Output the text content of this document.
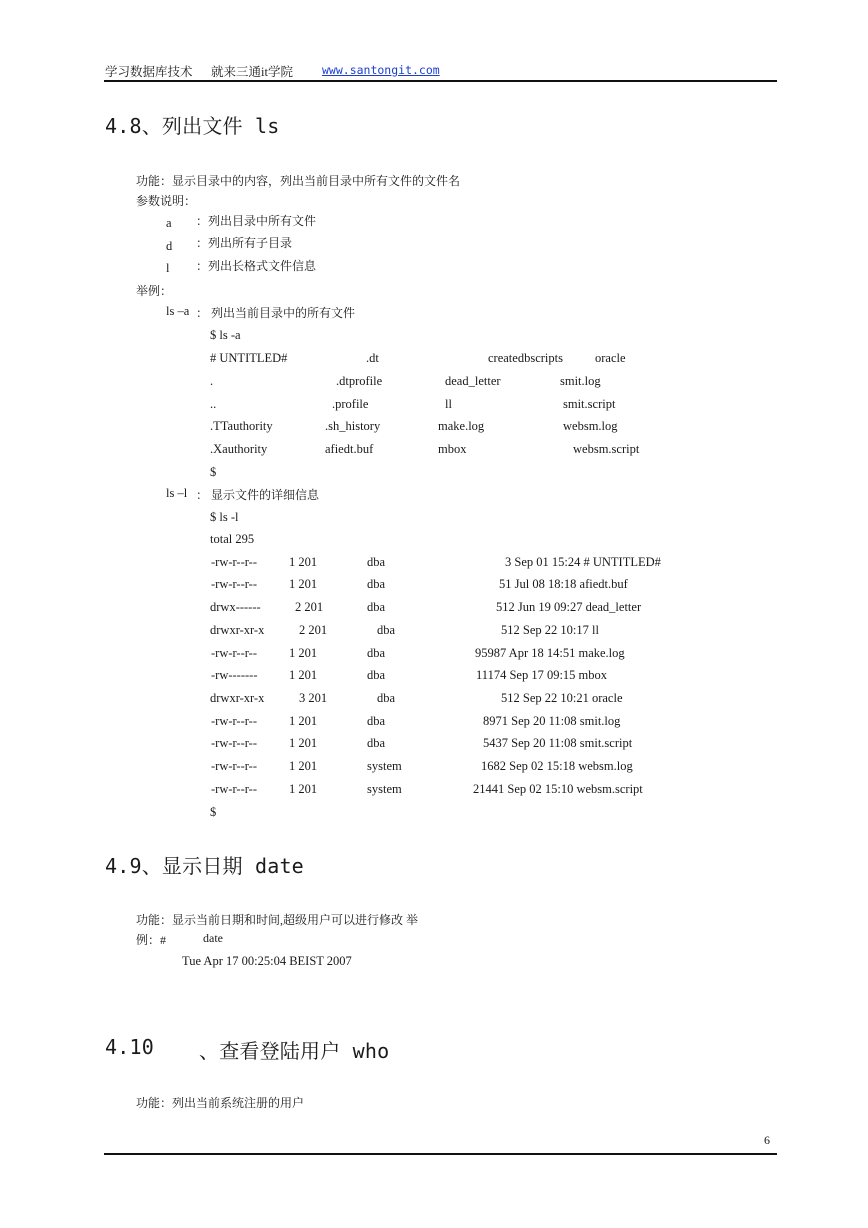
学习数据库技术 就来三通it学院	www.santongit.com
4.8、列出文件 ls
功能：显示目录中的内容，列出当前目录中所有文件的文件名
参数说明：
a ：列出目录中所有文件
d ：列出所有子目录
l ：列出长格式文件信息
举例：
ls –a ： 列出当前目录中的所有文件
$ ls -a
# UNTITLED#	.dt	createdbscripts	oracle
.	.dtprofile	dead_letter	smit.log
..	.profile	ll	smit.script
.TTauthority	.sh_history	make.log	websm.log
.Xauthority	afiedt.buf	mbox	websm.script
$
ls –l ： 显示文件的详细信息
$ ls -l
total 295
-rw-r--r--	1 201	dba	3 Sep 01 15:24 # UNTITLED#
-rw-r--r--	1 201	dba	51 Jul 08 18:18 afiedt.buf
drwx------	2 201	dba	512 Jun 19 09:27 dead_letter
drwxr-xr-x	2 201	dba	512 Sep 22 10:17 ll
-rw-r--r--	1 201	dba	95987 Apr 18 14:51 make.log
-rw-------	1 201	dba	11174 Sep 17 09:15 mbox
drwxr-xr-x	3 201	dba	512 Sep 22 10:21 oracle
-rw-r--r--	1 201	dba	8971 Sep 20 11:08 smit.log
-rw-r--r--	1 201	dba	5437 Sep 20 11:08 smit.script
-rw-r--r--	1 201	system	1682 Sep 02 15:18 websm.log
-rw-r--r--	1 201	system	21441 Sep 02 15:10 websm.script
$
4.9、显示日期 date
功能：显示当前日期和时间,超级用户可以进行修改 举
例：#	date
Tue Apr 17 00:25:04 BEIST 2007
4.10 、查看登陆用户 who
功能：列出当前系统注册的用户
6
